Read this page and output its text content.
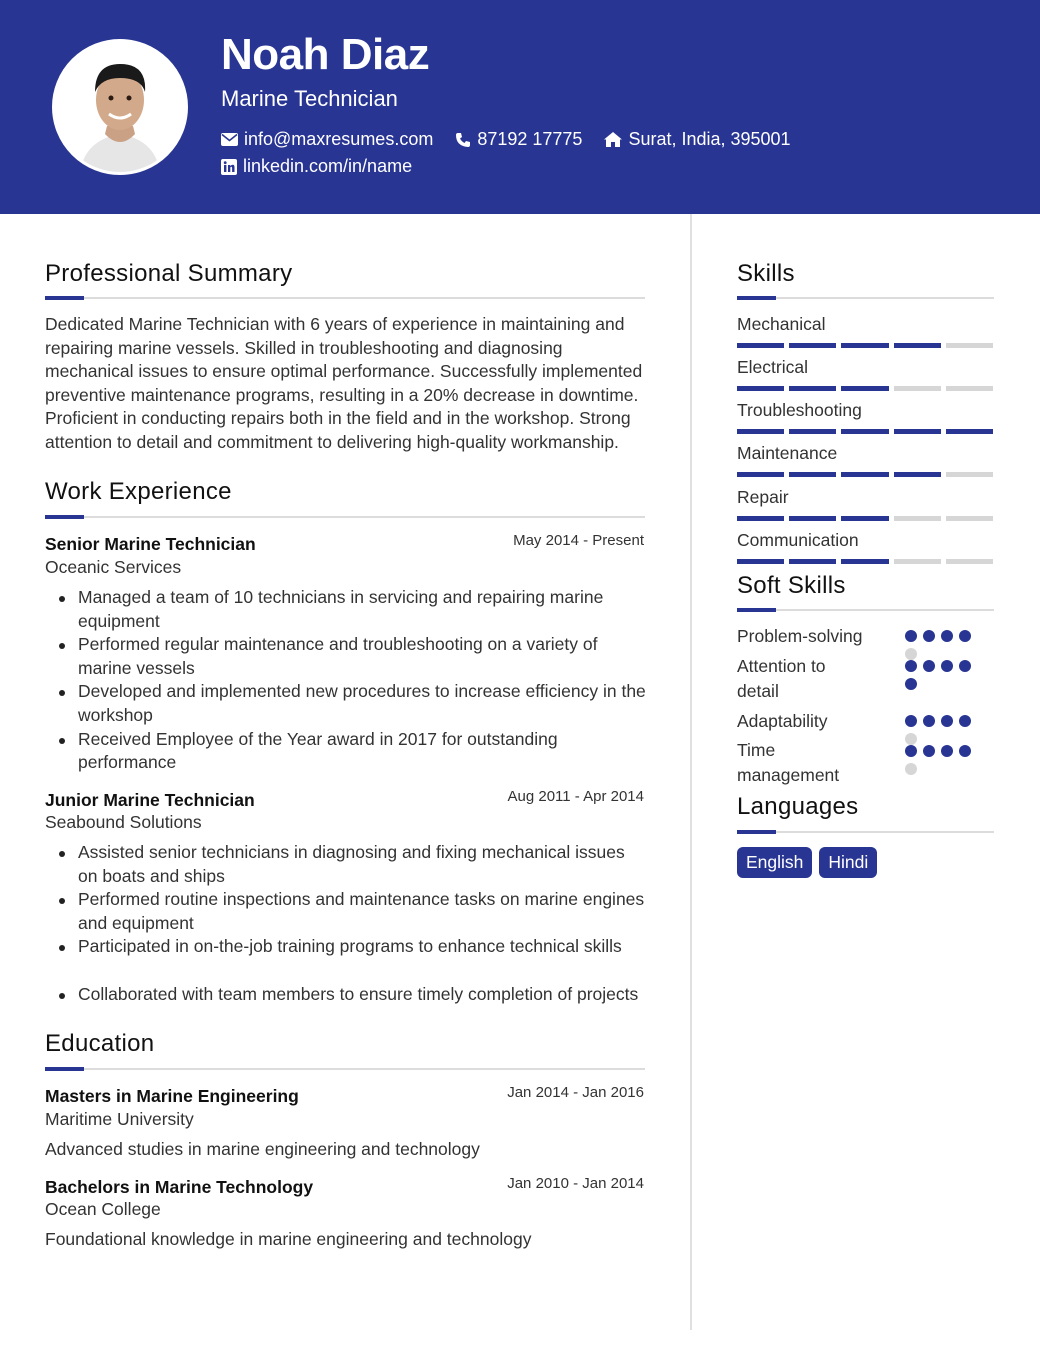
Noah Diaz
Marine Technician
info@maxresumes.com 87192 17775	Surat, India, 395001
linkedin.com/in/name
Professional Summary
Dedicated Marine Technician with 6 years of experience in maintaining and repairing marine vessels. Skilled in troubleshooting and diagnosing mechanical issues to ensure optimal performance. Successfully implemented preventive maintenance programs, resulting in a 20% decrease in downtime. Proficient in conducting repairs both in the field and in the workshop. Strong attention to detail and commitment to delivering high-quality workmanship.
Work Experience
Senior Marine Technician	May 2014 - Present
Oceanic Services
Managed a team of 10 technicians in servicing and repairing marine equipment
Performed regular maintenance and troubleshooting on a variety of marine vessels
Developed and implemented new procedures to increase efficiency in the workshop
Received Employee of the Year award in 2017 for outstanding performance
Junior Marine Technician	Aug 2011 - Apr 2014
Seabound Solutions
Assisted senior technicians in diagnosing and fixing mechanical issues on boats and ships
Performed routine inspections and maintenance tasks on marine engines and equipment
Participated in on-the-job training programs to enhance technical skills
Collaborated with team members to ensure timely completion of projects
Education
Masters in Marine Engineering	Jan 2014 - Jan 2016
Maritime University
Advanced studies in marine engineering and technology
Bachelors in Marine Technology	Jan 2010 - Jan 2014
Ocean College
Foundational knowledge in marine engineering and technology
Skills
Mechanical
Electrical
Troubleshooting
Maintenance
Repair
Communication
Soft Skills
Problem-solving
Attention to detail
Adaptability
Time management
Languages
English	Hindi
